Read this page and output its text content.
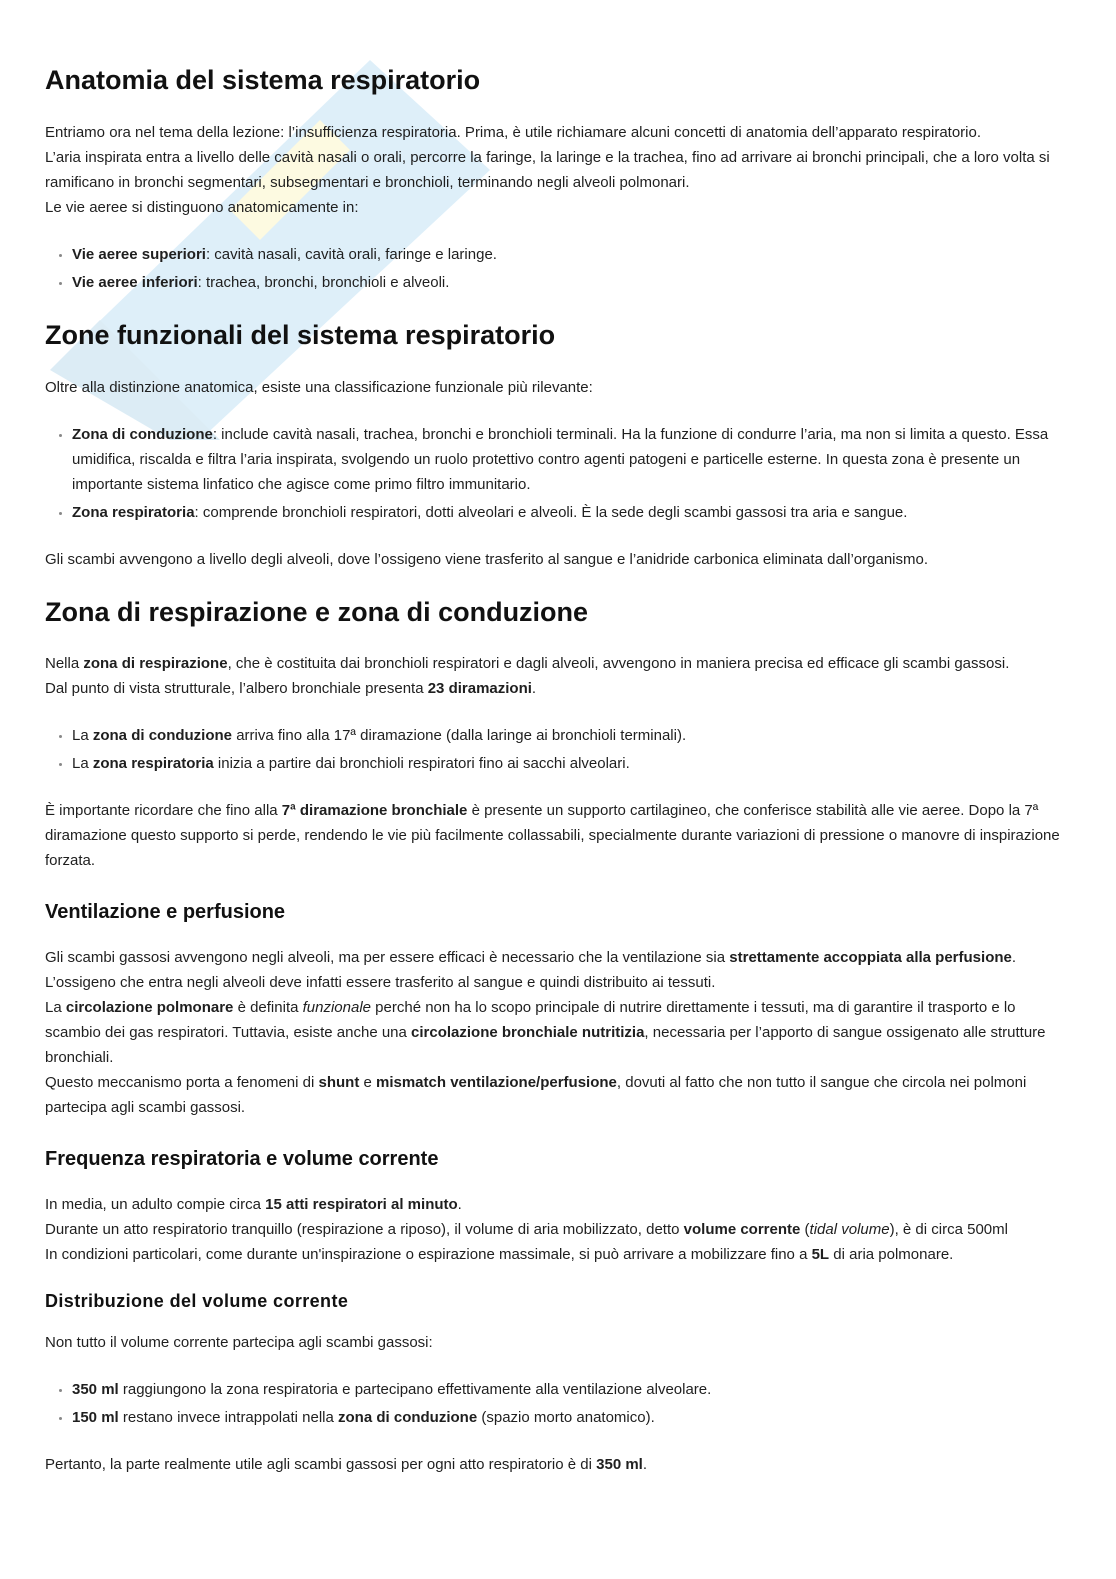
Anatomia del sistema respiratorio

Entriamo ora nel tema della lezione: l’insufficienza respiratoria. Prima, è utile richiamare alcuni concetti di anatomia dell’apparato respiratorio.
L’aria inspirata entra a livello delle cavità nasali o orali, percorre la faringe, la laringe e la trachea, fino ad arrivare ai bronchi principali, che a loro volta si ramificano in bronchi segmentari, subsegmentari e bronchioli, terminando negli alveoli polmonari.
Le vie aeree si distinguono anatomicamente in:

• Vie aeree superiori: cavità nasali, cavità orali, faringe e laringe.
• Vie aeree inferiori: trachea, bronchi, bronchioli e alveoli.
Zone funzionali del sistema respiratorio

Oltre alla distinzione anatomica, esiste una classificazione funzionale più rilevante:

• Zona di conduzione: include cavità nasali, trachea, bronchi e bronchioli terminali. Ha la funzione di condurre l’aria, ma non si limita a questo. Essa umidifica, riscalda e filtra l’aria inspirata, svolgendo un ruolo protettivo contro agenti patogeni e particelle esterne. In questa zona è presente un importante sistema linfatico che agisce come primo filtro immunitario.
• Zona respiratoria: comprende bronchioli respiratori, dotti alveolari e alveoli. È la sede degli scambi gassosi tra aria e sangue.

Gli scambi avvengono a livello degli alveoli, dove l’ossigeno viene trasferito al sangue e l’anidride carbonica eliminata dall’organismo.

Zona di respirazione e zona di conduzione

Nella zona di respirazione, che è costituita dai bronchioli respiratori e dagli alveoli, avvengono in maniera precisa ed efficace gli scambi gassosi.
Dal punto di vista strutturale, l’albero bronchiale presenta 23 diramazioni.

• La zona di conduzione arriva fino alla 17ª diramazione (dalla laringe ai bronchioli terminali).
• La zona respiratoria inizia a partire dai bronchioli respiratori fino ai sacchi alveolari.

È importante ricordare che fino alla 7ª diramazione bronchiale è presente un supporto cartilagineo, che conferisce stabilità alle vie aeree. Dopo la 7ª diramazione questo supporto si perde, rendendo le vie più facilmente collassabili, specialmente durante variazioni di pressione o manovre di inspirazione forzata.

Ventilazione e perfusione

Gli scambi gassosi avvengono negli alveoli, ma per essere efficaci è necessario che la ventilazione sia strettamente accoppiata alla perfusione. L’ossigeno che entra negli alveoli deve infatti essere trasferito al sangue e quindi distribuito ai tessuti.
La circolazione polmonare è definita funzionale perché non ha lo scopo principale di nutrire direttamente i tessuti, ma di garantire il trasporto e lo scambio dei gas respiratori. Tuttavia, esiste anche una circolazione bronchiale nutritizia, necessaria per l’apporto di sangue ossigenato alle strutture bronchiali.
Questo meccanismo porta a fenomeni di shunt e mismatch ventilazione/perfusione, dovuti al fatto che non tutto il sangue che circola nei polmoni partecipa agli scambi gassosi.

Frequenza respiratoria e volume corrente

In media, un adulto compie circa 15 atti respiratori al minuto.
Durante un atto respiratorio tranquillo (respirazione a riposo), il volume di aria mobilizzato, detto volume corrente (tidal volume), è di circa 500ml
In condizioni particolari, come durante un'inspirazione o espirazione massimale, si può arrivare a mobilizzare fino a 5L di aria polmonare.

Distribuzione del volume corrente

Non tutto il volume corrente partecipa agli scambi gassosi:

• 350 ml raggiungono la zona respiratoria e partecipano effettivamente alla ventilazione alveolare.
• 150 ml restano invece intrappolati nella zona di conduzione (spazio morto anatomico).

Pertanto, la parte realmente utile agli scambi gassosi per ogni atto respiratorio è di 350 ml.
